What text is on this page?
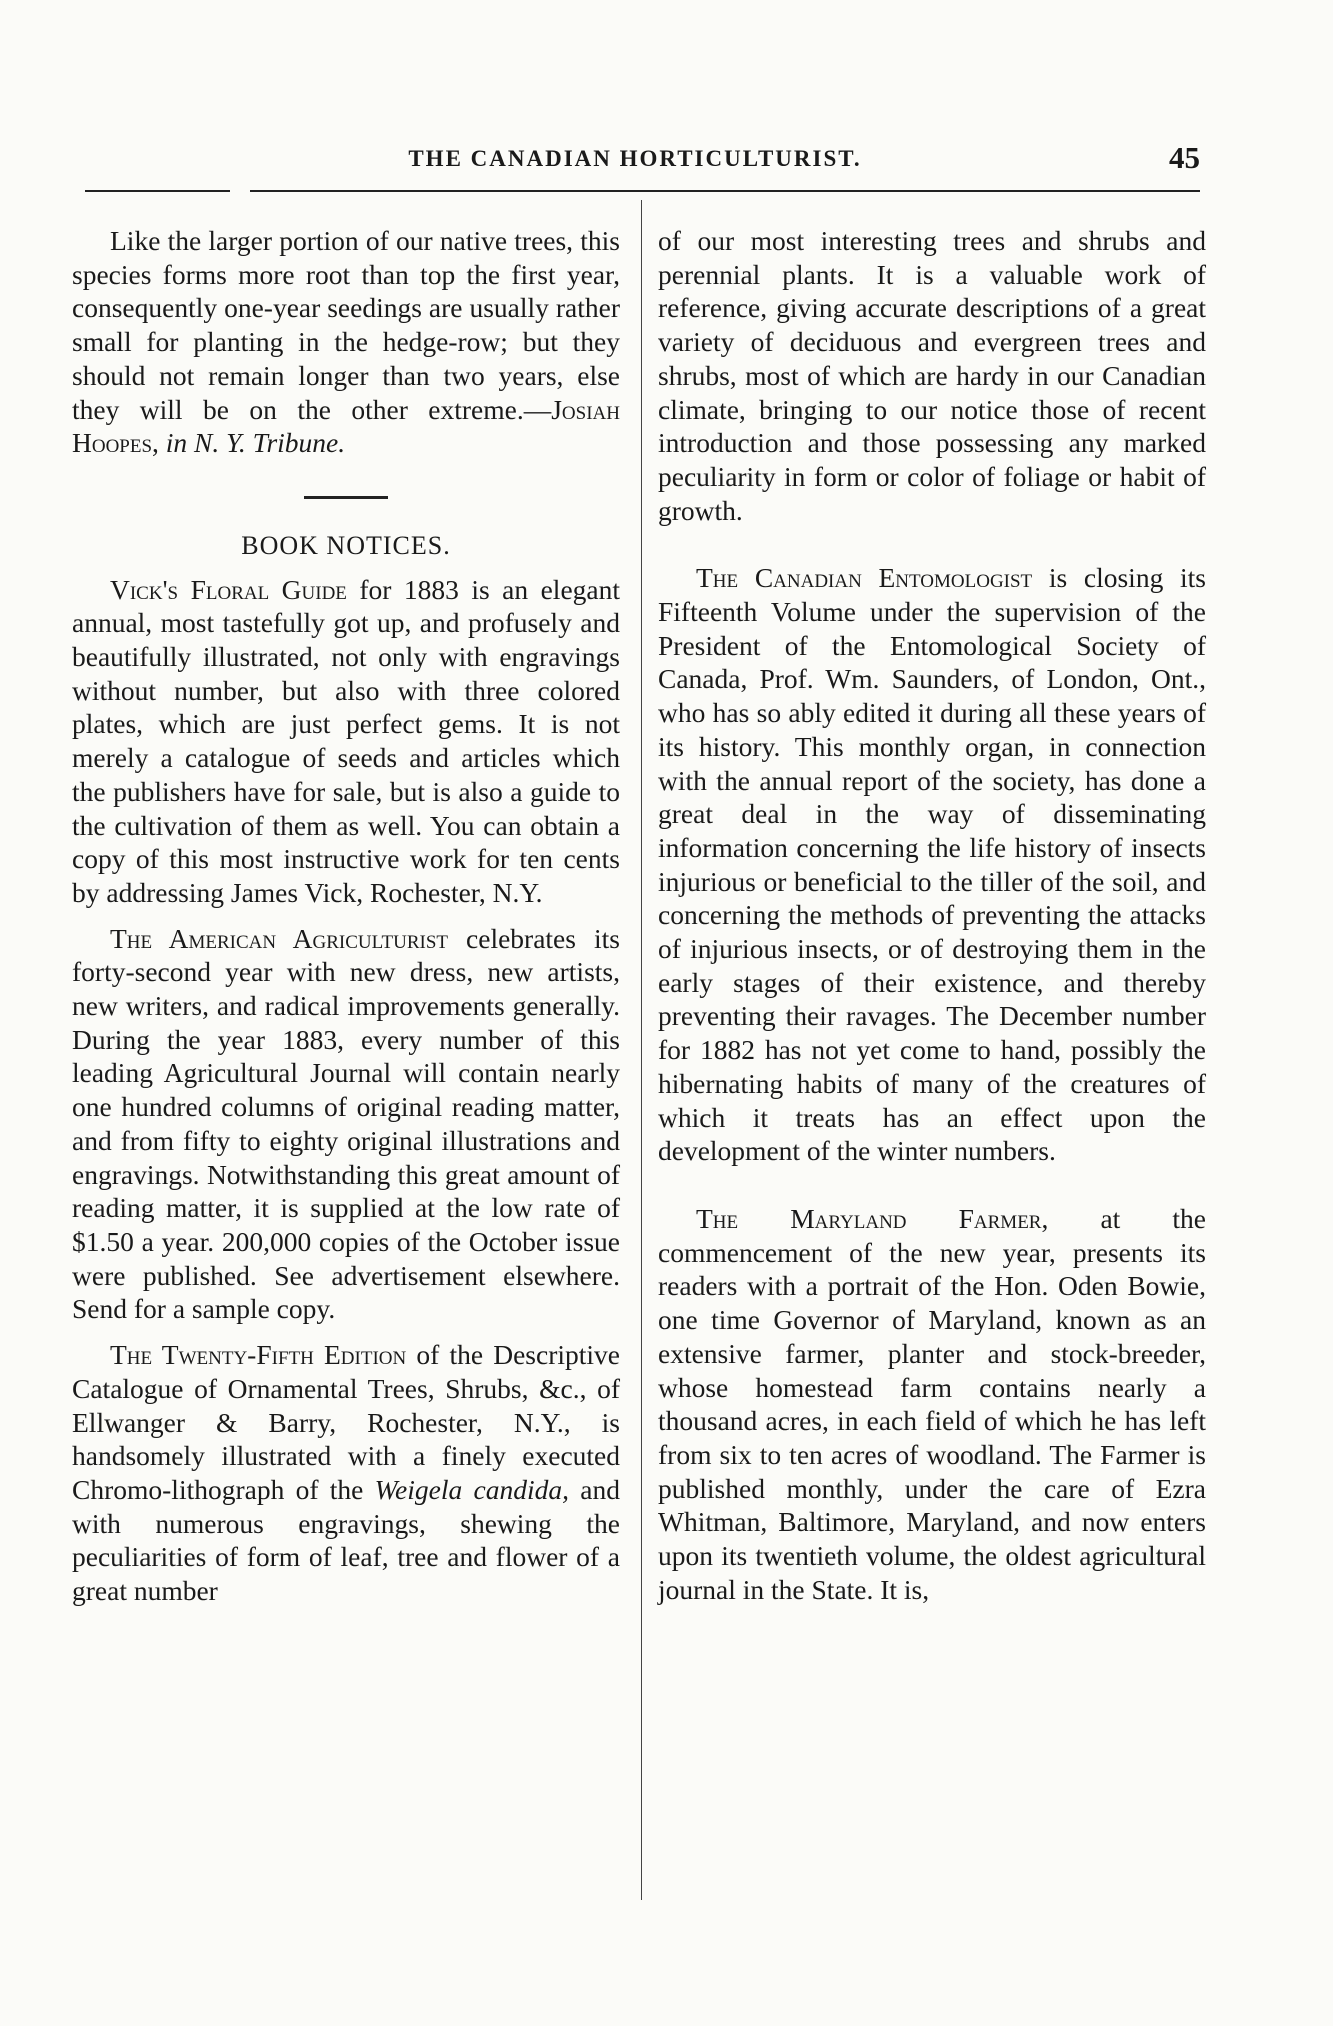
THE CANADIAN HORTICULTURIST.	45

Like the larger portion of our native trees, this species forms more root than top the first year, consequently one-year seedings are usually rather small for planting in the hedge-row; but they should not remain longer than two years, else they will be on the other extreme.—Josiah Hoopes, in N. Y. Tribune.

BOOK NOTICES.

Vick's Floral Guide for 1883 is an elegant annual, most tastefully got up, and profusely and beautifully illustrated, not only with engravings without number, but also with three colored plates, which are just perfect gems. It is not merely a catalogue of seeds and articles which the publishers have for sale, but is also a guide to the cultivation of them as well. You can obtain a copy of this most instructive work for ten cents by addressing James Vick, Rochester, N.Y.

The American Agriculturist celebrates its forty-second year with new dress, new artists, new writers, and radical improvements generally. During the year 1883, every number of this leading Agricultural Journal will contain nearly one hundred columns of original reading matter, and from fifty to eighty original illustrations and engravings. Notwithstanding this great amount of reading matter, it is supplied at the low rate of $1.50 a year. 200,000 copies of the October issue were published. See advertisement elsewhere. Send for a sample copy.

The Twenty-Fifth Edition of the Descriptive Catalogue of Ornamental Trees, Shrubs, &c., of Ellwanger & Barry, Rochester, N.Y., is handsomely illustrated with a finely executed Chromo-lithograph of the Weigela candida, and with numerous engravings, shewing the peculiarities of form of leaf, tree and flower of a great number

of our most interesting trees and shrubs and perennial plants. It is a valuable work of reference, giving accurate descriptions of a great variety of deciduous and evergreen trees and shrubs, most of which are hardy in our Canadian climate, bringing to our notice those of recent introduction and those possessing any marked peculiarity in form or color of foliage or habit of growth.

The Canadian Entomologist is closing its Fifteenth Volume under the supervision of the President of the Entomological Society of Canada, Prof. Wm. Saunders, of London, Ont., who has so ably edited it during all these years of its history. This monthly organ, in connection with the annual report of the society, has done a great deal in the way of disseminating information concerning the life history of insects injurious or beneficial to the tiller of the soil, and concerning the methods of preventing the attacks of injurious insects, or of destroying them in the early stages of their existence, and thereby preventing their ravages. The December number for 1882 has not yet come to hand, possibly the hibernating habits of many of the creatures of which it treats has an effect upon the development of the winter numbers.

The Maryland Farmer, at the commencement of the new year, presents its readers with a portrait of the Hon. Oden Bowie, one time Governor of Maryland, known as an extensive farmer, planter and stock-breeder, whose homestead farm contains nearly a thousand acres, in each field of which he has left from six to ten acres of woodland. The Farmer is published monthly, under the care of Ezra Whitman, Baltimore, Maryland, and now enters upon its twentieth volume, the oldest agricultural journal in the State. It is,
